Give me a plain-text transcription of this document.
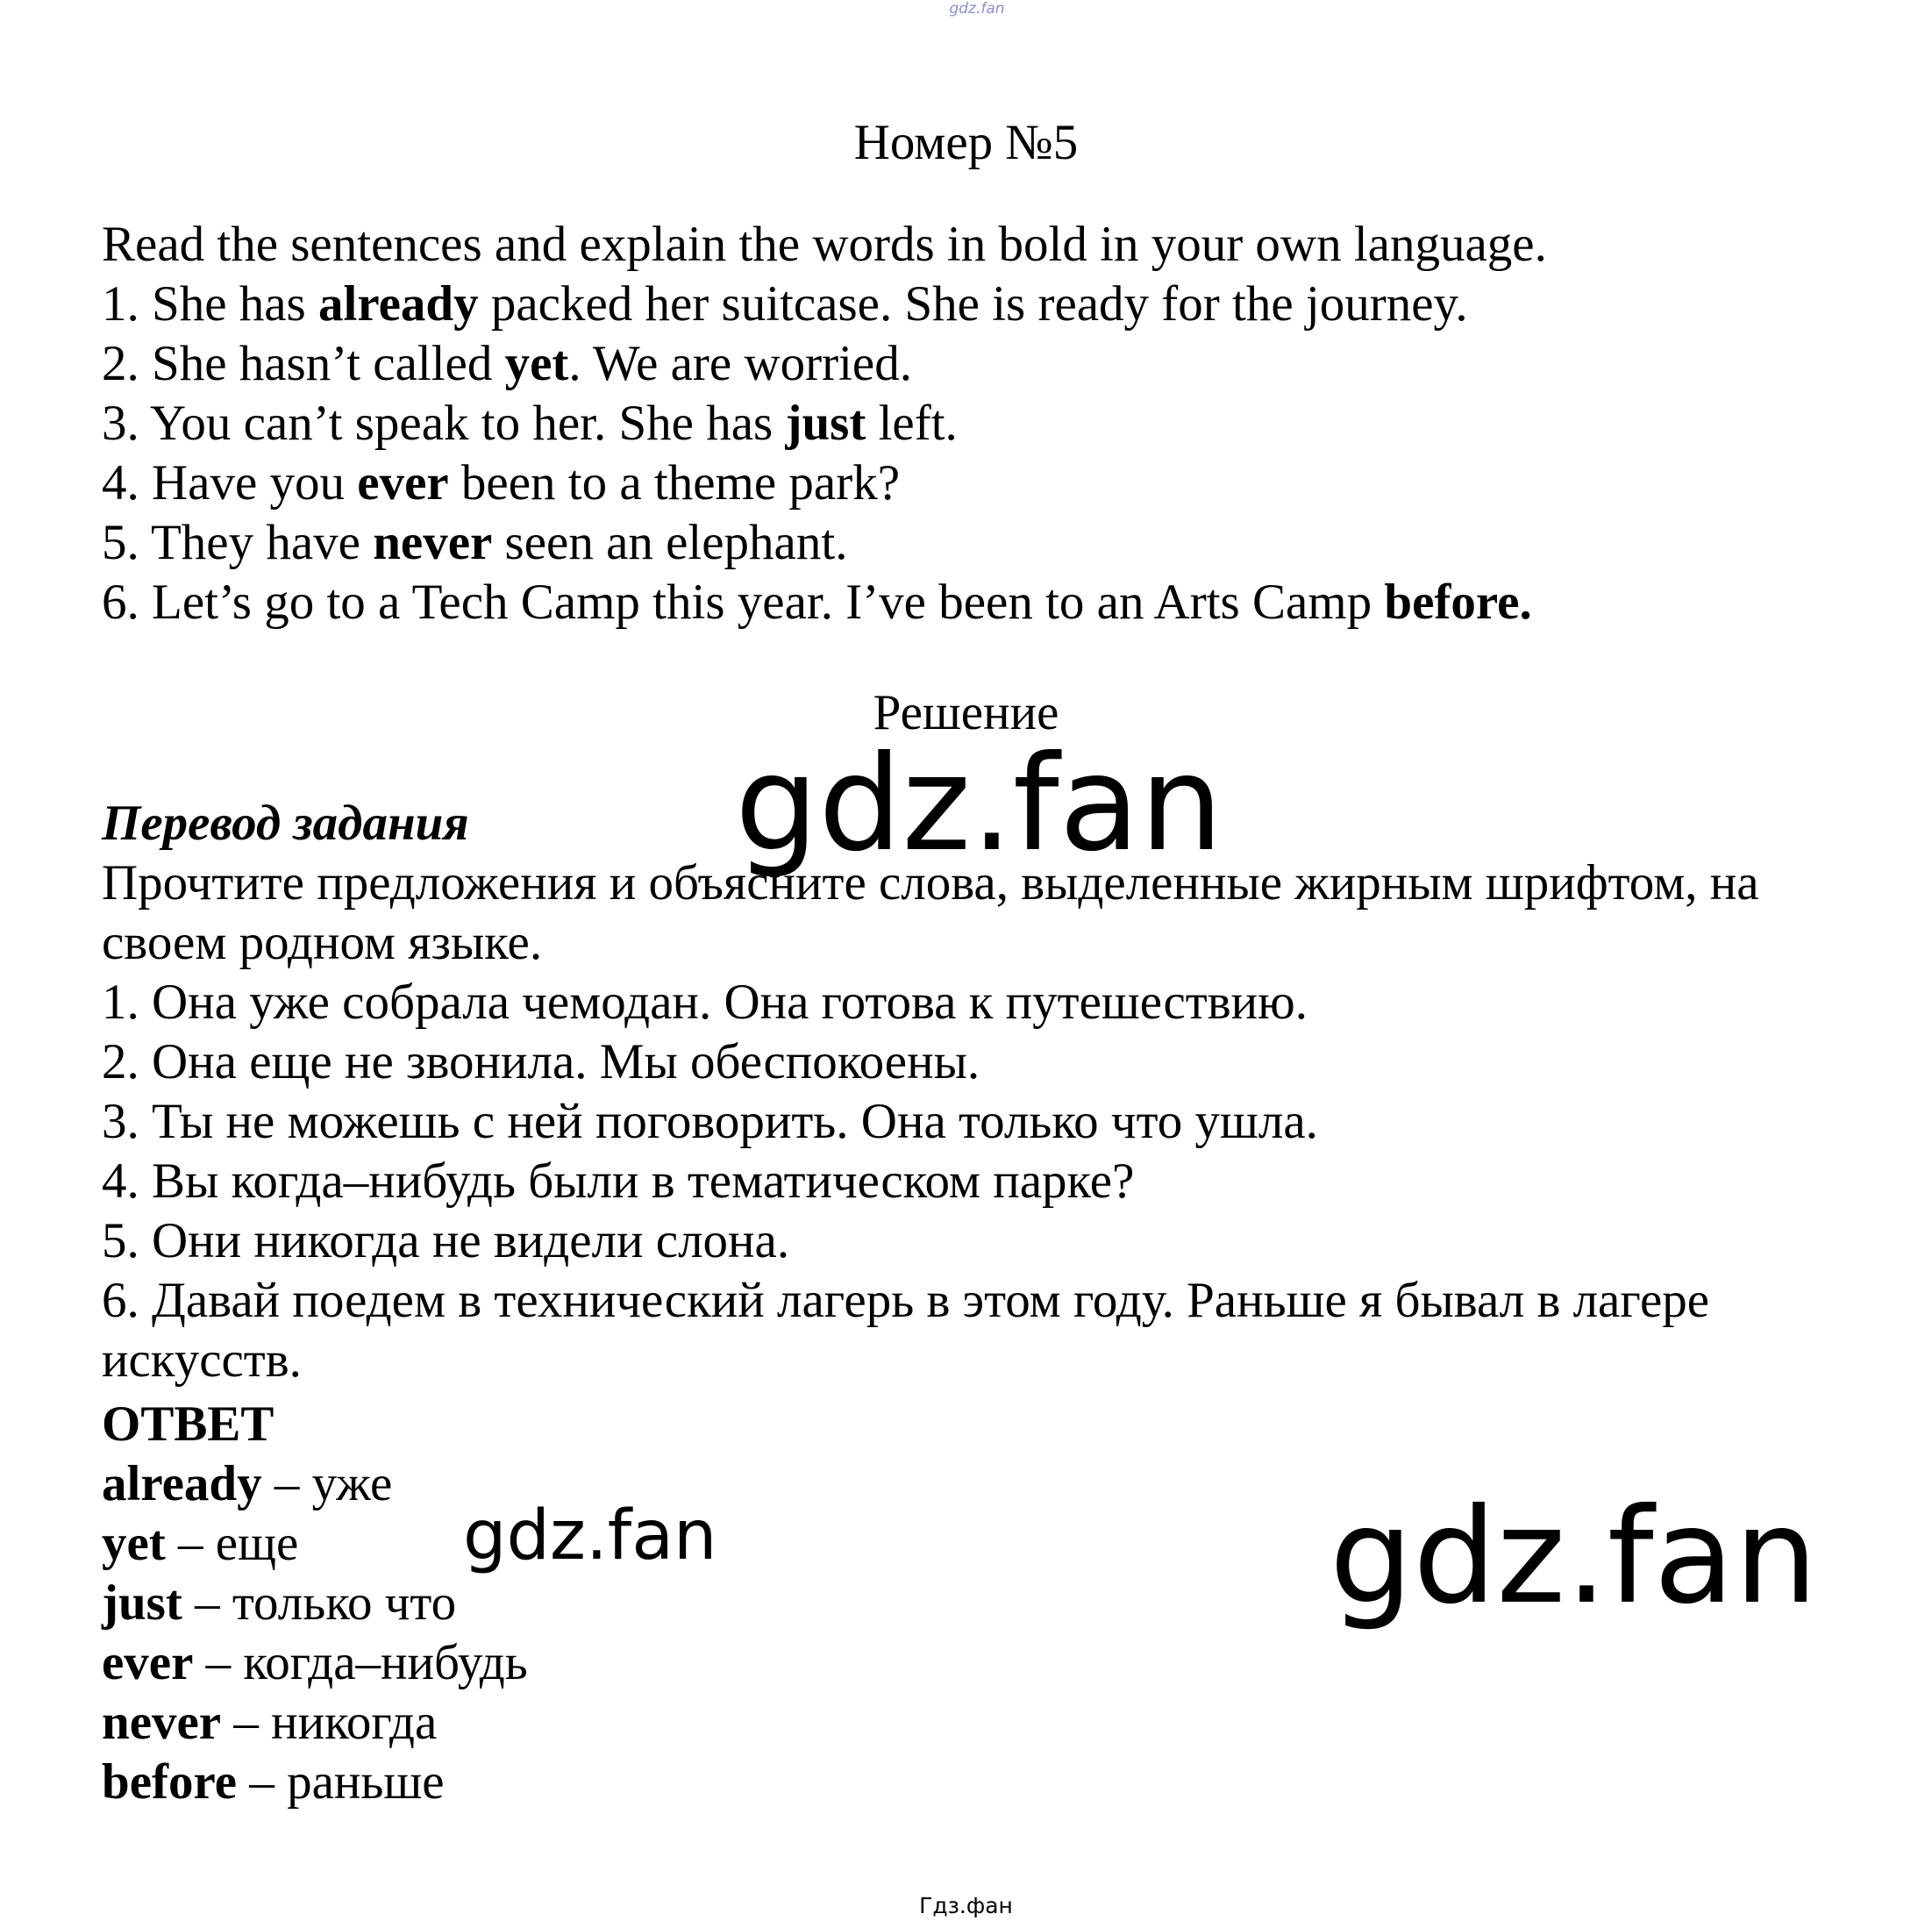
gdz.fan
Номер №5
Read the sentences and explain the words in bold in your own language.
1. She has already packed her suitcase. She is ready for the journey.
2. She hasn’t called yet. We are worried.
3. You can’t speak to her. She has just left.
4. Have you ever been to a theme park?
5. They have never seen an elephant.
6. Let’s go to a Tech Camp this year. I’ve been to an Arts Camp before.
Решение
Перевод задания
Прочтите предложения и объясните слова, выделенные жирным шрифтом, на своем родном языке.
1. Она уже собрала чемодан. Она готова к путешествию.
2. Она еще не звонила. Мы обеспокоены.
3. Ты не можешь с ней поговорить. Она только что ушла.
4. Вы когда–нибудь были в тематическом парке?
5. Они никогда не видели слона.
6. Давай поедем в технический лагерь в этом году. Раньше я бывал в лагере искусств.
ОТВЕТ
already – уже
yet – еще
just – только что
ever – когда–нибудь
never – никогда
before – раньше
gdz.fan
gdz.fan	gdz.fan
Гдз.фан
